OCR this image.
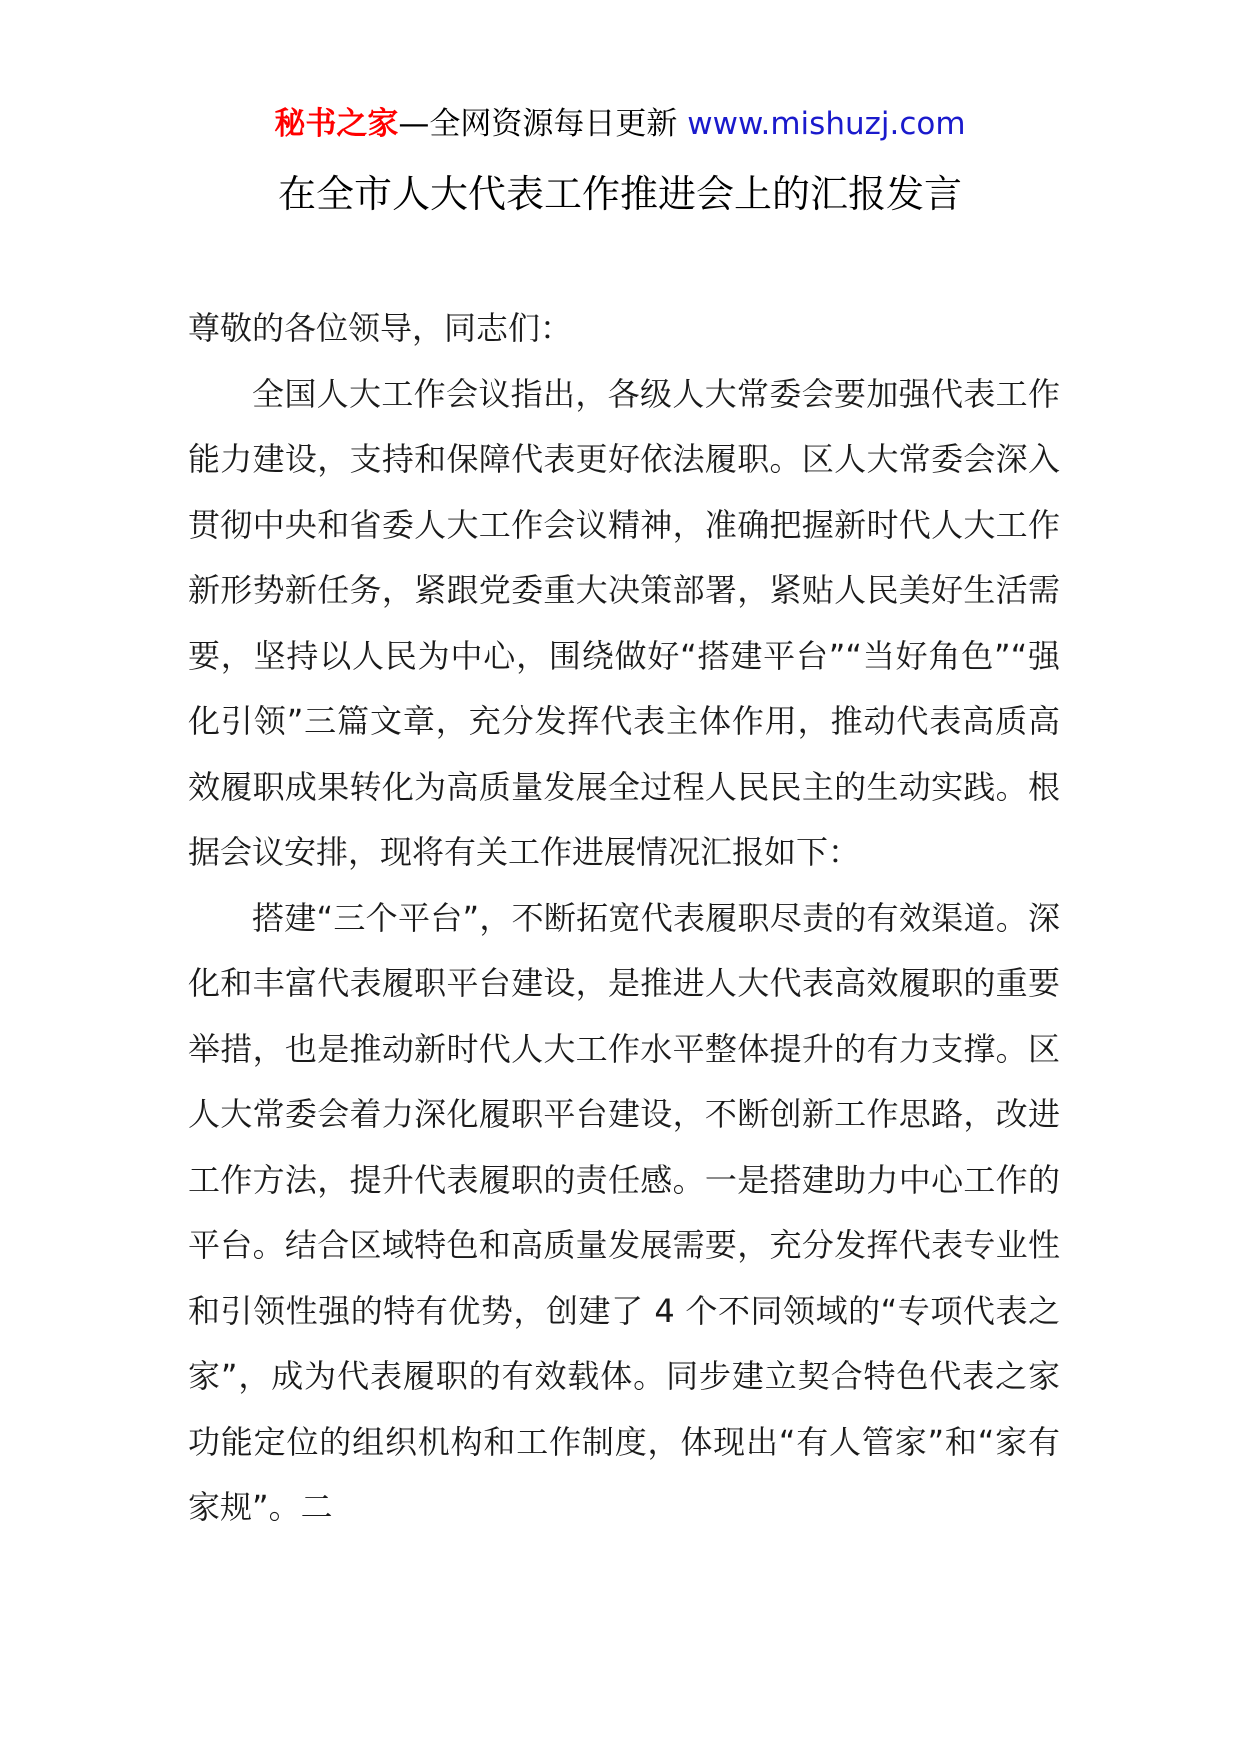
秘书之家—全网资源每日更新 www.mishuzj.com
在全市人大代表工作推进会上的汇报发言

尊敬的各位领导，同志们：

全国人大工作会议指出，各级人大常委会要加强代表工作能力建设，支持和保障代表更好依法履职。区人大常委会深入贯彻中央和省委人大工作会议精神，准确把握新时代人大工作新形势新任务，紧跟党委重大决策部署，紧贴人民美好生活需要，坚持以人民为中心，围绕做好“搭建平台”“当好角色”“强化引领”三篇文章，充分发挥代表主体作用，推动代表高质高效履职成果转化为高质量发展全过程人民民主的生动实践。根据会议安排，现将有关工作进展情况汇报如下：

搭建“三个平台”，不断拓宽代表履职尽责的有效渠道。深化和丰富代表履职平台建设，是推进人大代表高效履职的重要举措，也是推动新时代人大工作水平整体提升的有力支撑。区人大常委会着力深化履职平台建设，不断创新工作思路，改进工作方法，提升代表履职的责任感。一是搭建助力中心工作的平台。结合区域特色和高质量发展需要，充分发挥代表专业性和引领性强的特有优势，创建了 4 个不同领域的“专项代表之家”，成为代表履职的有效载体。同步建立契合特色代表之家功能定位的组织机构和工作制度，体现出“有人管家”和“家有家规”。二
